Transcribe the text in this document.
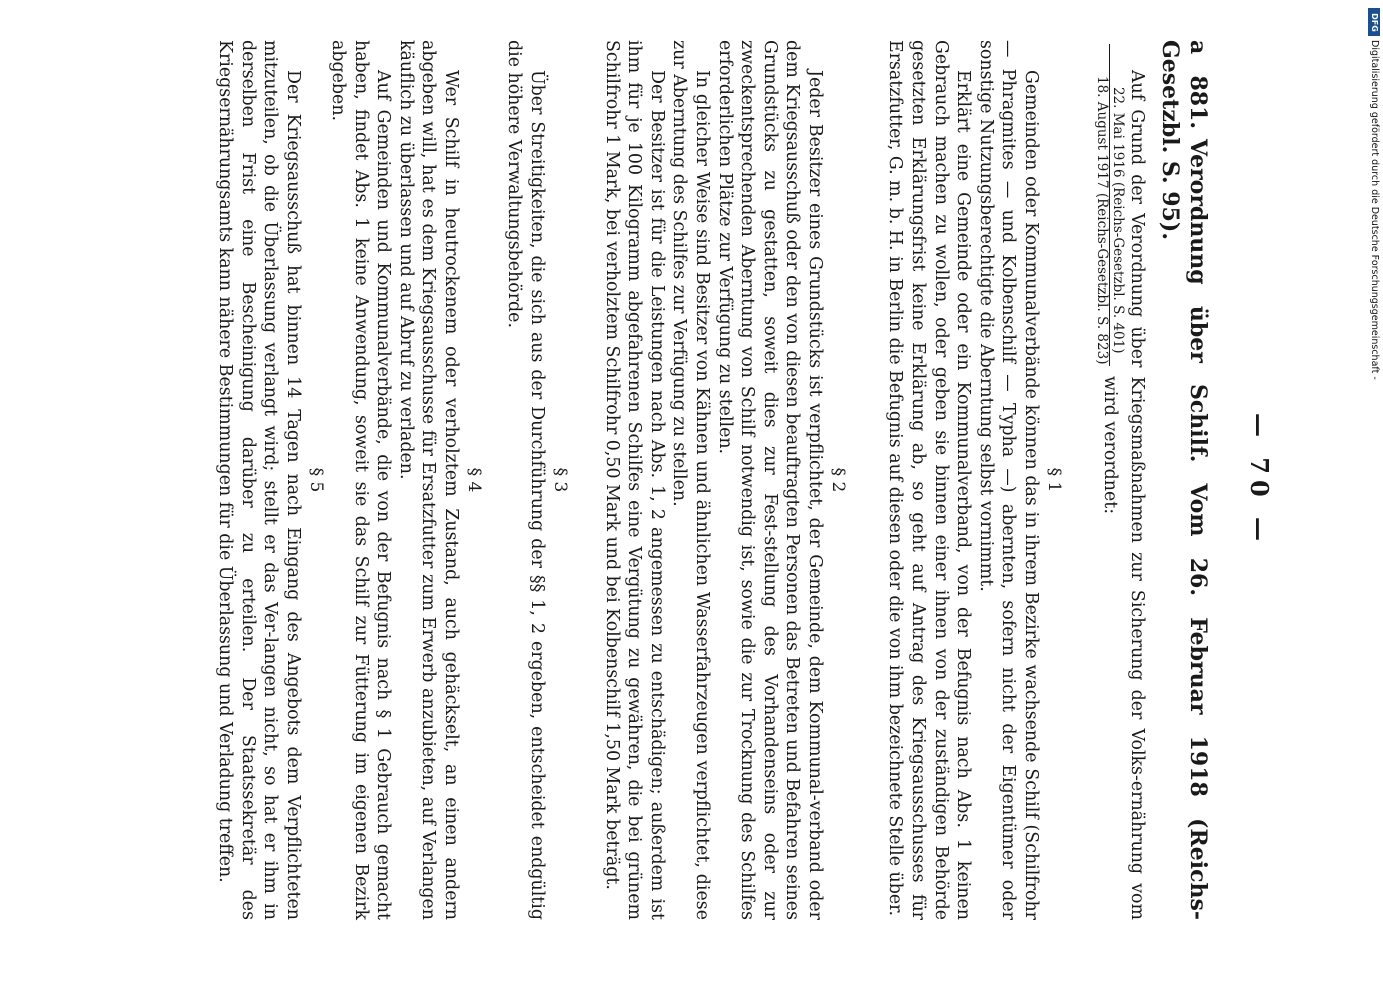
— 70 —
a 881.Verordnung über Schilf. Vom 26. Februar 1918 (Reichs-Gesetzbl. S. 95).

Auf Grund der Verordnung über Kriegsmaßnahmen zur Sicherung der Volks-ernährung vom
22. Mai 1916 (Reichs-Gesetzbl. S. 401)
18. August 1917 (Reichs-Gesetzbl. S. 823)
wird verordnet:

§ 1

Gemeinden oder Kommunalverbände können das in ihrem Bezirke wachsende Schilf (Schilfrohr — Phragmites — und Kolbenschilf — Typha —) abernten, sofern nicht der Eigentümer oder sonstige Nutzungsberechtigte die Aberntung selbst vornimmt.

Erklärt eine Gemeinde oder ein Kommunalverband, von der Befugnis nach Abs. 1 keinen Gebrauch machen zu wollen, oder geben sie binnen einer ihnen von der zuständigen Behörde gesetzten Erklärungsfrist keine Erklärung ab, so geht auf Antrag des Kriegsausschusses für Ersatzfutter, G. m. b. H. in Berlin die Befugnis auf diesen oder die von ihm bezeichnete Stelle über.

§ 2

Jeder Besitzer eines Grundstücks ist verpflichtet, der Gemeinde, dem Kommunal-verband oder dem Kriegsausschuß oder den von diesen beauftragten Personen das Betreten und Befahren seines Grundstücks zu gestatten, soweit dies zur Fest-stellung des Vorhandenseins oder zur zweckentsprechenden Aberntung von Schilf notwendig ist, sowie die zur Trocknung des Schilfes erforderlichen Plätze zur Verfügung zu stellen.

In gleicher Weise sind Besitzer von Kähnen und ähnlichen Wasserfahrzeugen verpflichtet, diese zur Aberntung des Schilfes zur Verfügung zu stellen.

Der Besitzer ist für die Leistungen nach Abs. 1, 2 angemessen zu entschädigen; außerdem ist ihm für je 100 Kilogramm abgefahrenen Schilfes eine Vergütung zu gewähren, die bei grünem Schilfrohr 1 Mark, bei verholztem Schilfrohr 0,50 Mark und bei Kolbenschilf 1,50 Mark beträgt.

§ 3

Über Streitigkeiten, die sich aus der Durchführung der §§ 1, 2 ergeben, entscheidet endgültig die höhere Verwaltungsbehörde.

§ 4

Wer Schilf in heutrockenem oder verholztem Zustand, auch gehäckselt, an einen andern abgeben will, hat es dem Kriegsausschusse für Ersatzfutter zum Erwerb anzubieten, auf Verlangen käuflich zu überlassen und auf Abruf zu verladen.

Auf Gemeinden und Kommunalverbände, die von der Befugnis nach § 1 Gebrauch gemacht haben, findet Abs. 1 keine Anwendung, soweit sie das Schilf zur Fütterung im eigenen Bezirk abgeben.

§ 5

Der Kriegsausschuß hat binnen 14 Tagen nach Eingang des Angebots dem Verpflichteten mitzuteilen, ob die Überlassung verlangt wird; stellt er das Ver-langen nicht, so hat er ihm in derselben Frist eine Bescheinigung darüber zu erteilen. Der Staatssekretär des Kriegsernährungsamts kann nähere Bestimmungen für die Überlassung und Verladung treffen.

DFG
Digitalisierung gefördert durch die Deutsche Forschungsgemeinschaft -
